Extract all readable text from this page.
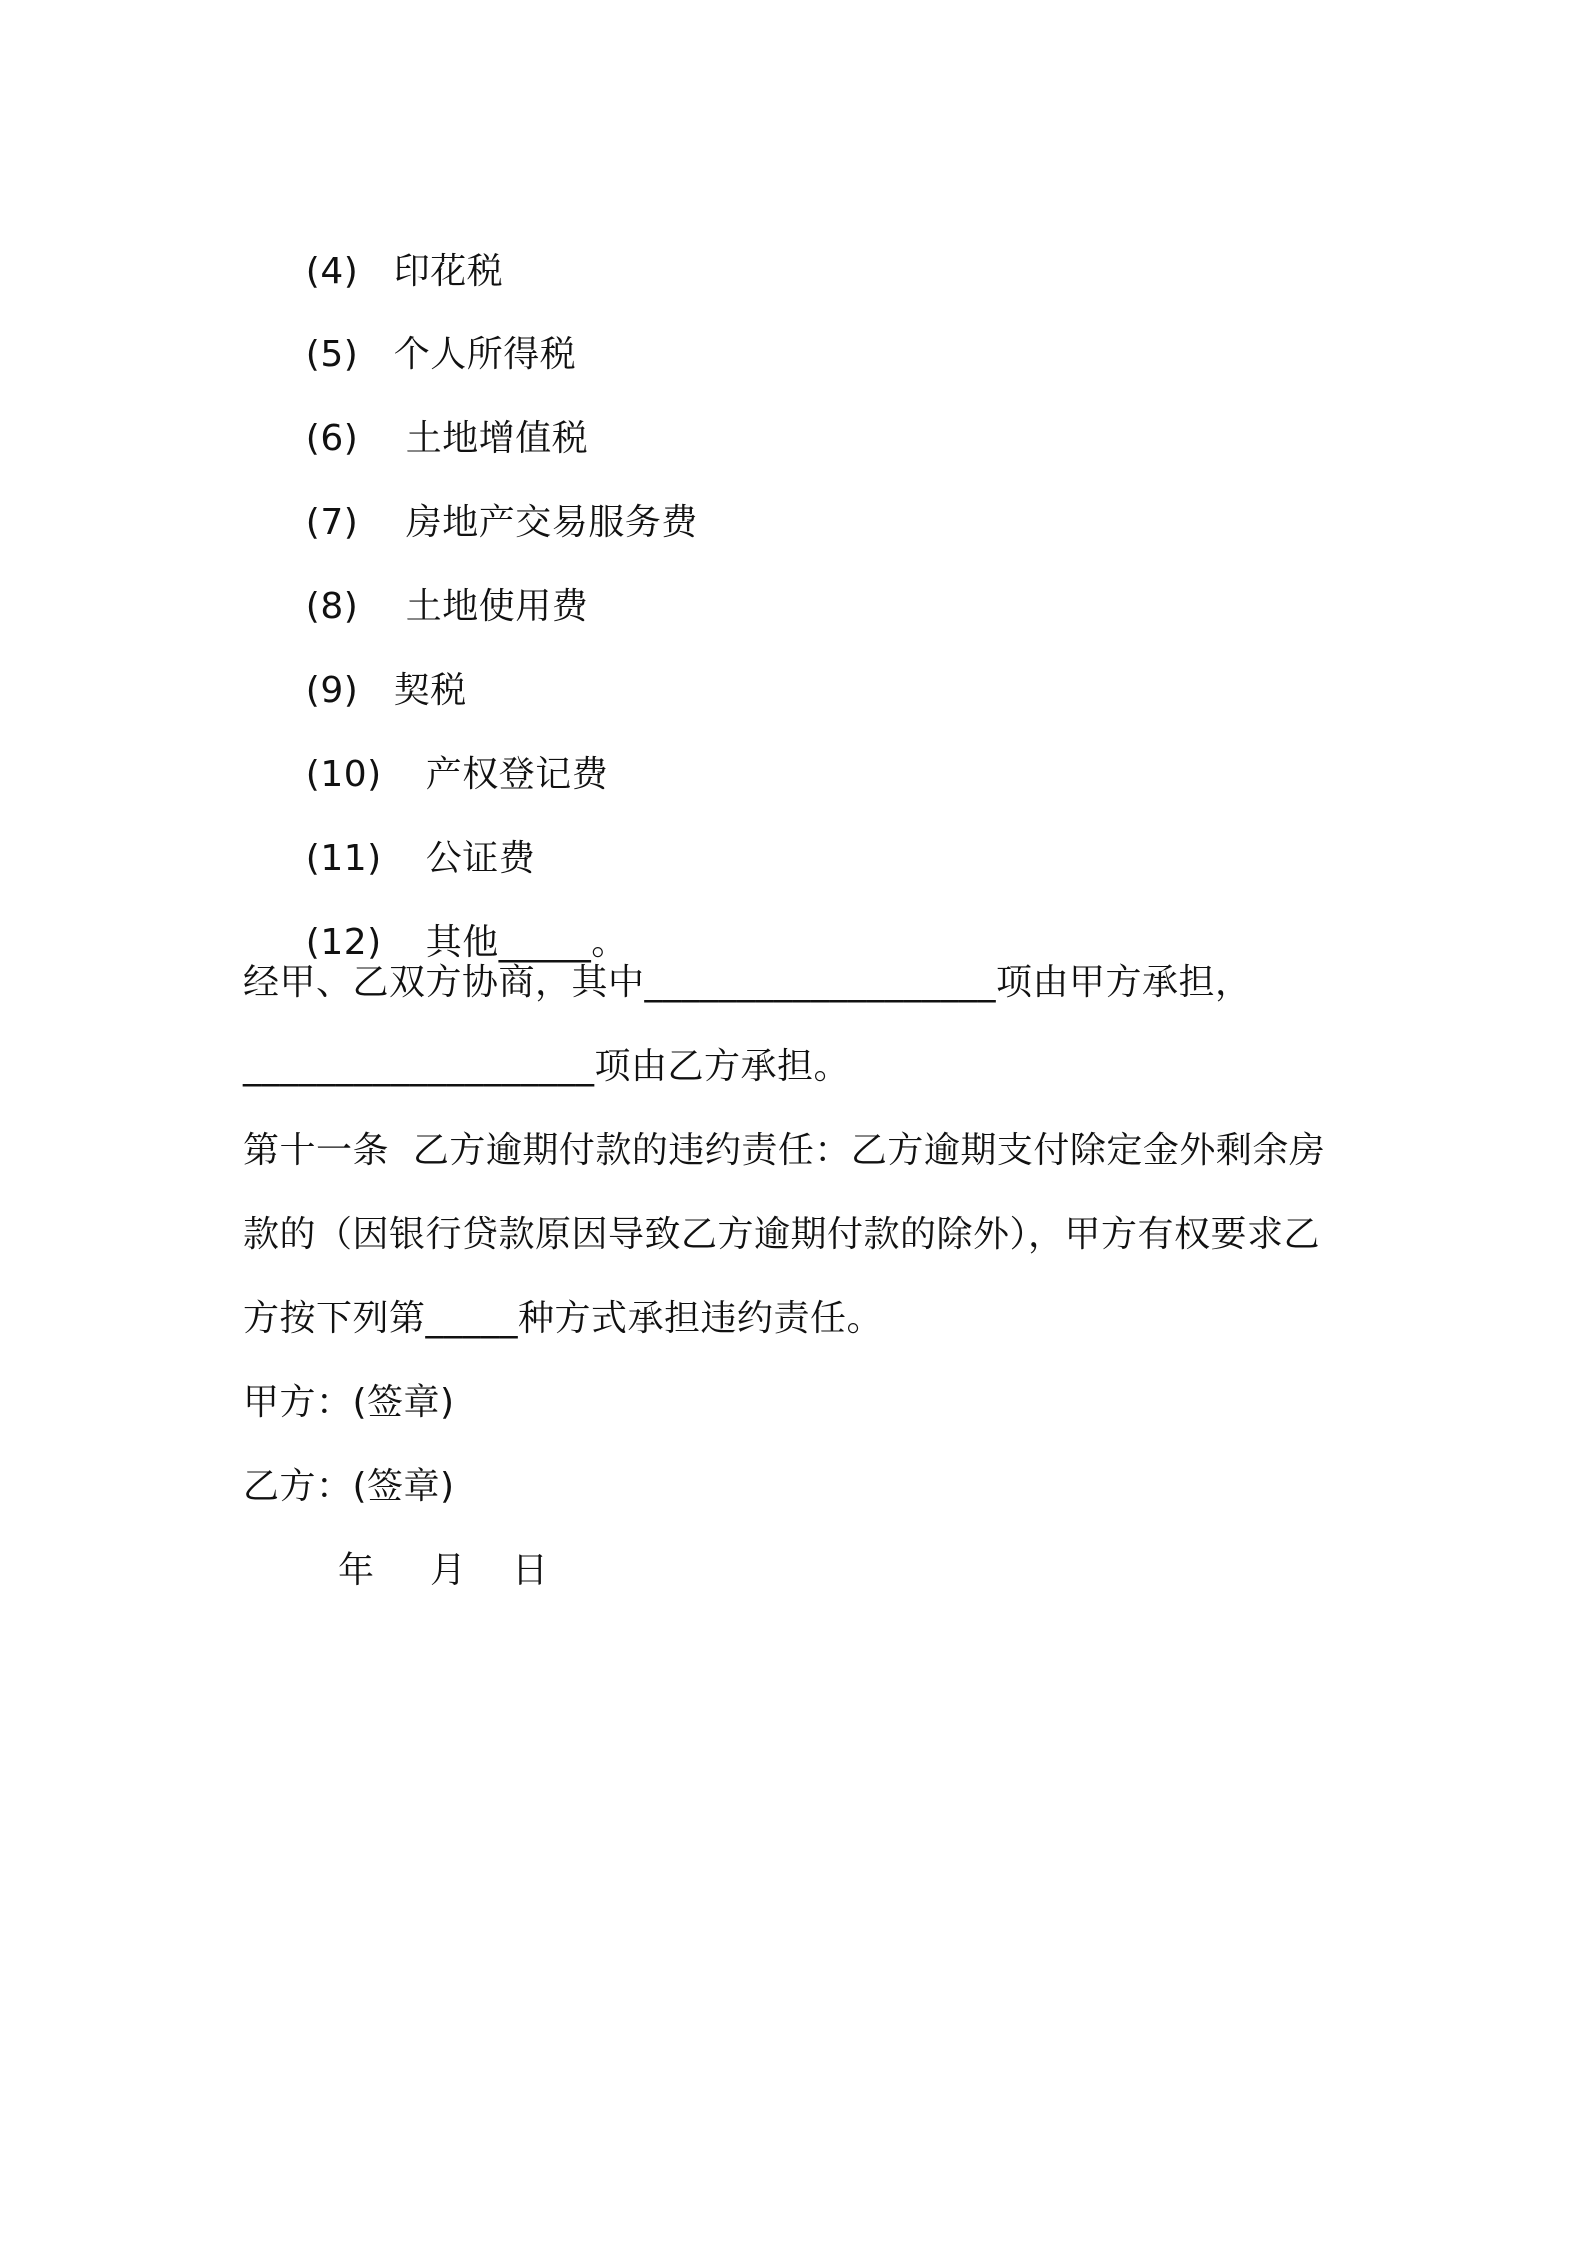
(4) 印花税

(5) 个人所得税

(6) 土地增值税

(7) 房地产交易服务费

(8) 土地使用费

(9) 契税

(10) 产权登记费

(11) 公证费

(12) 其他_____。

经甲、乙双方协商，其中___________________项由甲方承担，
___________________项由乙方承担。
第十一条  乙方逾期付款的违约责任：乙方逾期支付除定金外剩余房
款的（因银行贷款原因导致乙方逾期付款的除外），甲方有权要求乙
方按下列第_____种方式承担违约责任。
甲方：(签章)
乙方：(签章)
年 月 日
